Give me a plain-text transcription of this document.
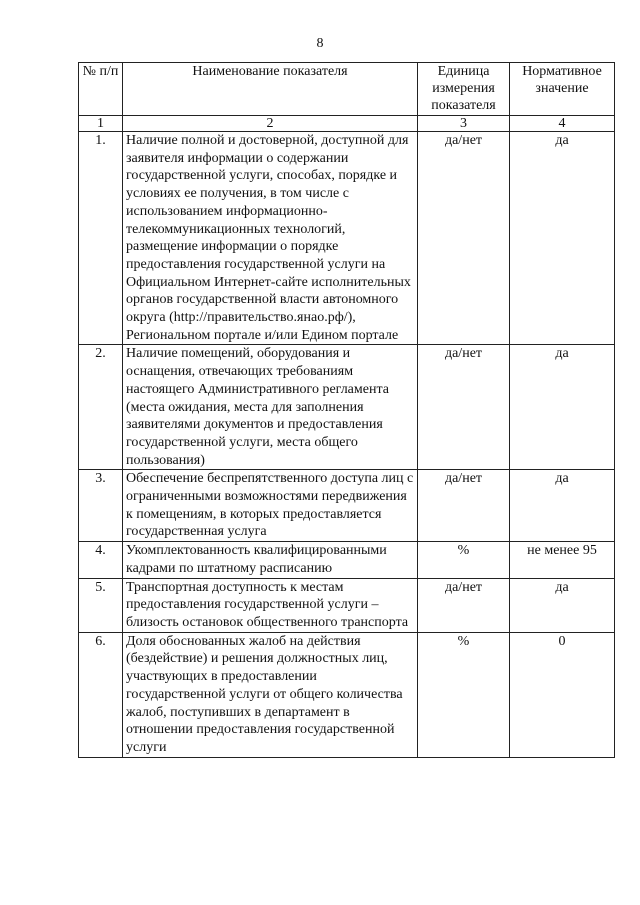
8
№ п/п	Наименование показателя	Единица измерения показателя	Нормативное значение
1	2	3	4
1.	Наличие полной и достоверной, доступной для заявителя информации о содержании государственной услуги, способах, порядке и условиях ее получения, в том числе с использованием информационно-телекоммуникационных технологий, размещение информации о порядке предоставления государственной услуги на Официальном Интернет-сайте исполнительных органов государственной власти автономного округа (http://правительство.янао.рф/), Региональном портале и/или Едином портале	да/нет	да
2.	Наличие помещений, оборудования и оснащения, отвечающих требованиям настоящего Административного регламента (места ожидания, места для заполнения заявителями документов и предоставления государственной услуги, места общего пользования)	да/нет	да
3.	Обеспечение беспрепятственного доступа лиц с ограниченными возможностями передвижения к помещениям, в которых предоставляется государственная услуга	да/нет	да
4.	Укомплектованность квалифицированными кадрами по штатному расписанию	%	не менее 95
5.	Транспортная доступность к местам предоставления государственной услуги – близость остановок общественного транспорта	да/нет	да
6.	Доля обоснованных жалоб на действия (бездействие) и решения должностных лиц, участвующих в предоставлении государственной услуги от общего количества жалоб, поступивших в департамент в отношении предоставления государственной услуги	%	0
